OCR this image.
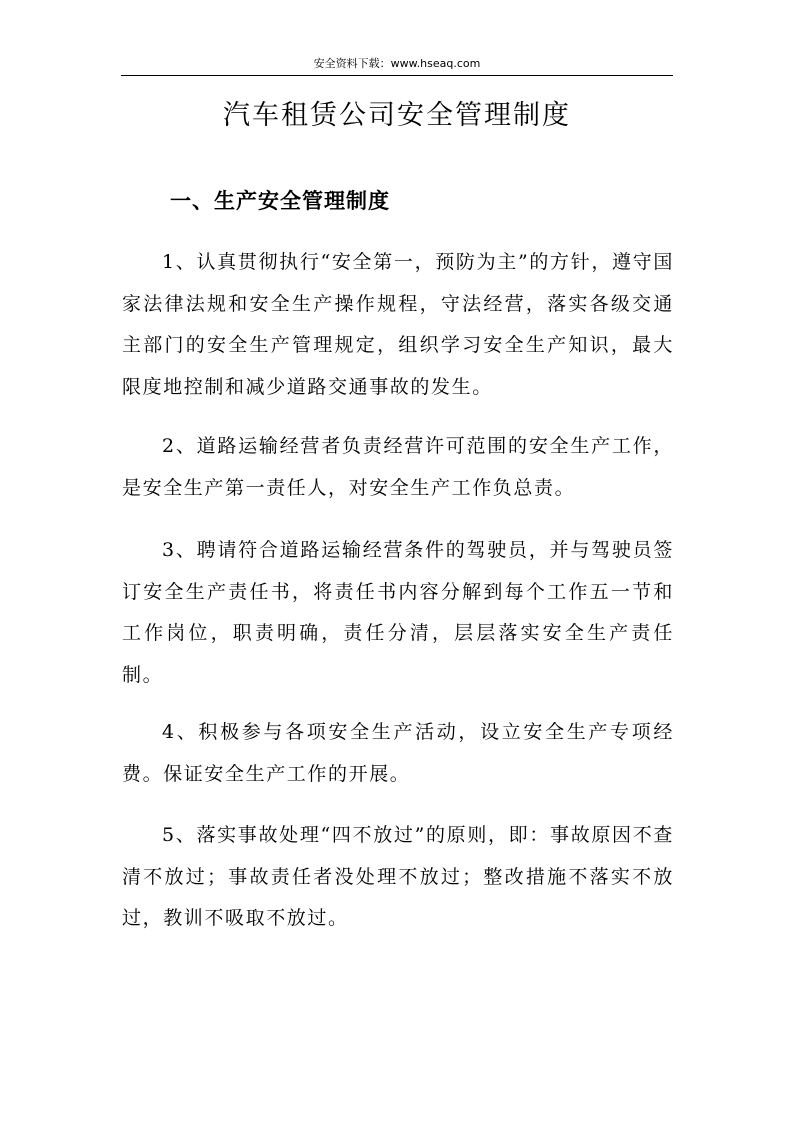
安全资料下载：www.hseaq.com
汽车租赁公司安全管理制度
一、生产安全管理制度

1、认真贯彻执行“安全第一，预防为主”的方针，遵守国家法律法规和安全生产操作规程，守法经营，落实各级交通主部门的安全生产管理规定，组织学习安全生产知识，最大限度地控制和减少道路交通事故的发生。

2、道路运输经营者负责经营许可范围的安全生产工作，是安全生产第一责任人，对安全生产工作负总责。

3、聘请符合道路运输经营条件的驾驶员，并与驾驶员签订安全生产责任书，将责任书内容分解到每个工作五一节和工作岗位，职责明确，责任分清，层层落实安全生产责任制。

4、积极参与各项安全生产活动，设立安全生产专项经费。保证安全生产工作的开展。

5、落实事故处理“四不放过”的原则，即：事故原因不查清不放过；事故责任者没处理不放过；整改措施不落实不放过，教训不吸取不放过。
